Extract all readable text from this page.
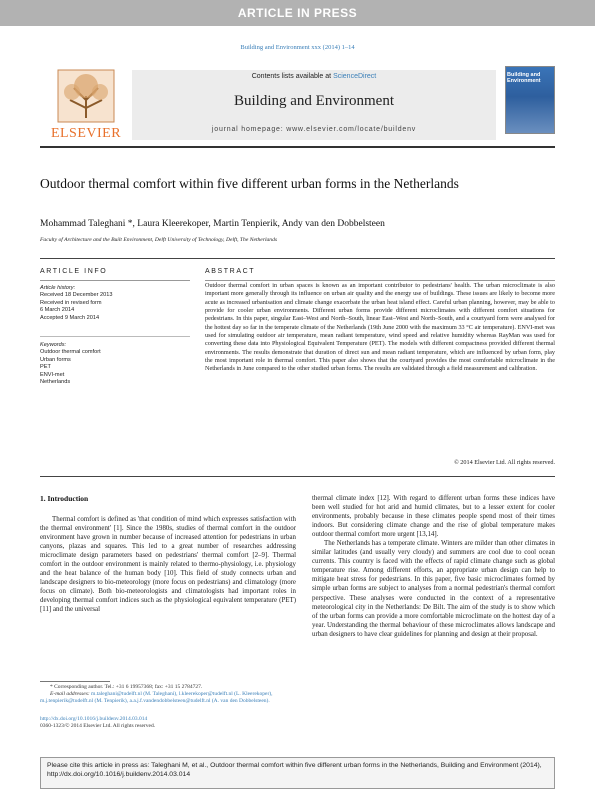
ARTICLE IN PRESS
Building and Environment xxx (2014) 1–14
ELSEVIER
Contents lists available at ScienceDirect
Building and Environment
journal homepage: www.elsevier.com/locate/buildenv
Building and Environment
Outdoor thermal comfort within five different urban forms in the Netherlands
Mohammad Taleghani *, Laura Kleerekoper, Martin Tenpierik, Andy van den Dobbelsteen
Faculty of Architecture and the Built Environment, Delft University of Technology, Delft, The Netherlands
ARTICLE INFO
Article history:
Received 18 December 2013
Received in revised form
6 March 2014
Accepted 9 March 2014
Keywords:
Outdoor thermal comfort
Urban forms
PET
ENVI-met
Netherlands
ABSTRACT
Outdoor thermal comfort in urban spaces is known as an important contributor to pedestrians' health. The urban microclimate is also important more generally through its influence on urban air quality and the energy use of buildings. These issues are likely to become more acute as increased urbanisation and climate change exacerbate the urban heat island effect. Careful urban planning, however, may be able to provide for cooler urban environments. Different urban forms provide different microclimates with different comfort situations for pedestrians. In this paper, singular East–West and North–South, linear East–West and North–South, and a courtyard form were analysed for the hottest day so far in the temperate climate of the Netherlands (19th June 2000 with the maximum 33 °C air temperature). ENVI-met was used for simulating outdoor air temperature, mean radiant temperature, wind speed and relative humidity whereas RayMan was used for converting these data into Physiological Equivalent Temperature (PET). The models with different compactness provided different thermal environments. The results demonstrate that duration of direct sun and mean radiant temperature, which are influenced by urban form, play the most important role in thermal comfort. This paper also shows that the courtyard provides the most comfortable microclimate in the Netherlands in June compared to the other studied urban forms. The results are validated through a field measurement and calibration.
© 2014 Elsevier Ltd. All rights reserved.
1. Introduction

Thermal comfort is defined as 'that condition of mind which expresses satisfaction with the thermal environment' [1]. Since the 1980s, studies of thermal comfort in the outdoor environment have grown in number because of increased attention for pedestrians in urban canyons, plazas and squares. This led to a great number of researches addressing microclimate design parameters based on pedestrians' thermal comfort [2–9]. Thermal comfort in the outdoor environment is mainly related to thermo-physiology, i.e. physiology and the heat balance of the human body [10]. This field of study connects urban and landscape designers to bio-meteorology (more focus on pedestrians) and climatology (more focus on climate). Both bio-meteorologists and climatologists had important roles in developing thermal comfort indices such as the physiological equivalent temperature (PET) [11] and the universal

* Corresponding author. Tel.: +31 6 19957368; fax: +31 15 2784727.
E-mail addresses: m.taleghani@tudelft.nl (M. Taleghani), l.kleerekoper@tudelft.nl (L. Kleerekoper), m.j.tenpierik@tudelft.nl (M. Tenpierik), a.a.j.f.vandendobbelsteen@tudelft.nl (A. van den Dobbelsteen).
http://dx.doi.org/10.1016/j.buildenv.2014.03.014
0360-1323/© 2014 Elsevier Ltd. All rights reserved.

thermal climate index [12]. With regard to different urban forms these indices have been well studied for hot arid and humid climates, but to a lesser extent for cooler environments, probably because in these climates people spend most of their times indoors. But considering climate change and the rise of global temperature makes outdoor thermal comfort more urgent [13,14].

The Netherlands has a temperate climate. Winters are milder than other climates in similar latitudes (and usually very cloudy) and summers are cool due to cool ocean currents. This country is faced with the effects of rapid climate change such as global temperature rise. Among different efforts, an appropriate urban design can help to mitigate heat stress for pedestrians. In this paper, five basic microclimates formed by simple urban forms are subject to analyses from a normal pedestrian's thermal comfort perspective. These analyses were conducted in the context of a representative meteorological city in the Netherlands: De Bilt. The aim of the study is to show which of the urban forms can provide a more comfortable microclimate on the hottest day of a year. Understanding the thermal behaviour of these microclimates allows landscape and urban designers to have clear guidelines for planning and design at their proposal.

Please cite this article in press as: Taleghani M, et al., Outdoor thermal comfort within five different urban forms in the Netherlands, Building and Environment (2014), http://dx.doi.org/10.1016/j.buildenv.2014.03.014
